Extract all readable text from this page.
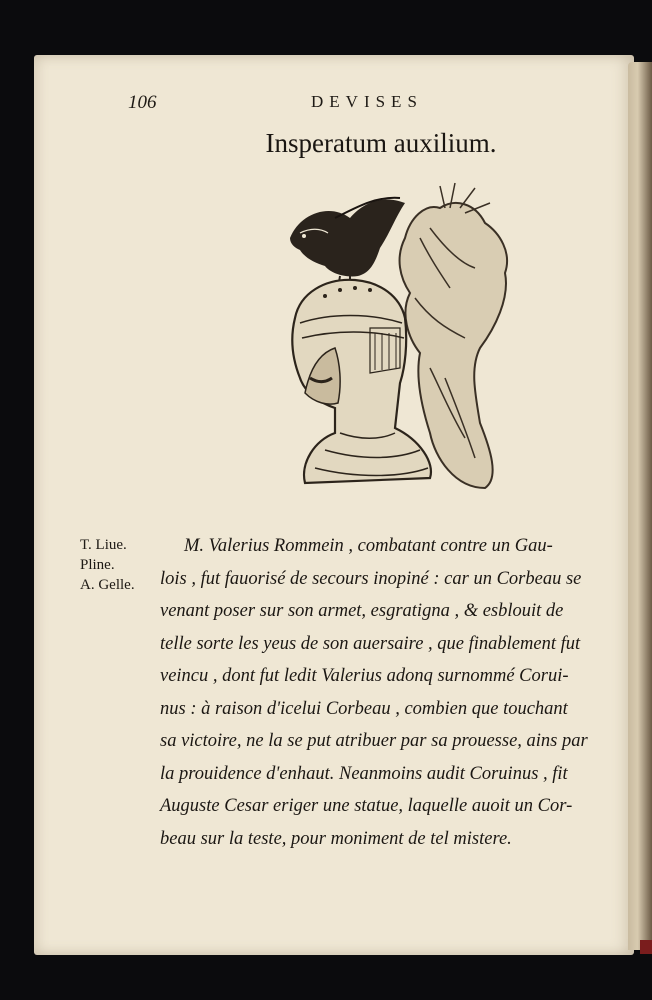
106	DEVISES
Insperatum auxilium.
T. Liue.
Pline.
A. Gelle.
M. Valerius Rommein , combatant contre un Gau-
lois , fut fauorisé de secours inopiné : car un Corbeau se
venant poser sur son armet, esgratigna , & esblouit de
telle sorte les yeus de son auersaire , que finablement fut
veincu , dont fut ledit Valerius adonq surnommé Corui-
nus : à raison d'icelui Corbeau , combien que touchant
sa victoire, ne la se put atribuer par sa prouesse, ains par
la prouidence d'enhaut. Neanmoins audit Coruinus , fit
Auguste Cesar eriger une statue, laquelle auoit un Cor-
beau sur la teste, pour moniment de tel mistere.
